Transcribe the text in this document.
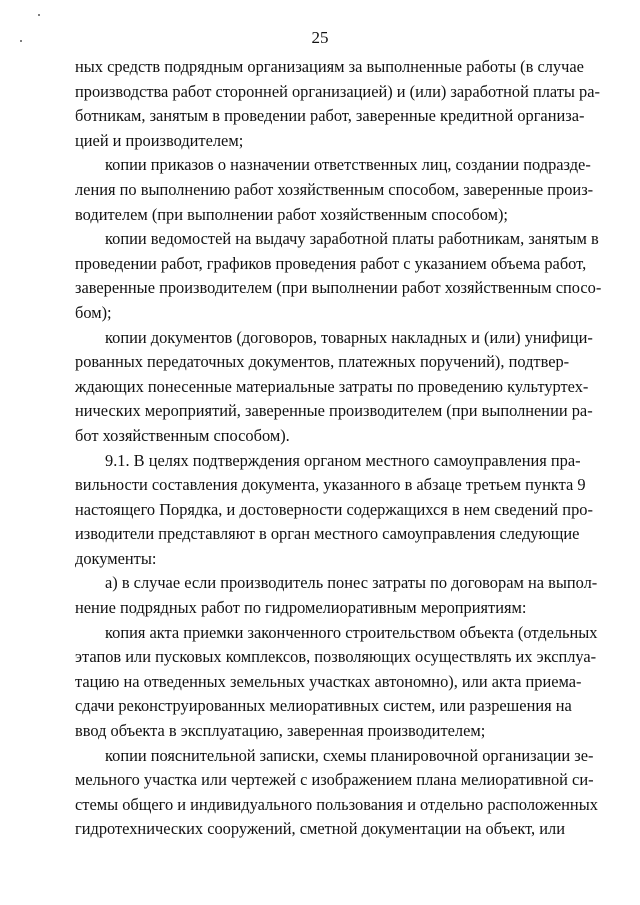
25
ных средств подрядным организациям за выполненные работы (в случае
производства работ сторонней организацией) и (или) заработной платы ра-
ботникам, занятым в проведении работ, заверенные кредитной организа-
цией и производителем;
копии приказов о назначении ответственных лиц, создании подразде-
ления по выполнению работ хозяйственным способом, заверенные произ-
водителем (при выполнении работ хозяйственным способом);
копии ведомостей на выдачу заработной платы работникам, занятым в
проведении работ, графиков проведения работ с указанием объема работ,
заверенные производителем (при выполнении работ хозяйственным спосо-
бом);
копии документов (договоров, товарных накладных и (или) унифици-
рованных передаточных документов, платежных поручений), подтвер-
ждающих понесенные материальные затраты по проведению культуртех-
нических мероприятий, заверенные производителем (при выполнении ра-
бот хозяйственным способом).
9.1. В целях подтверждения органом местного самоуправления пра-
вильности составления документа, указанного в абзаце третьем пункта 9
настоящего Порядка, и достоверности содержащихся в нем сведений про-
изводители представляют в орган местного самоуправления следующие
документы:
а) в случае если производитель понес затраты по договорам на выпол-
нение подрядных работ по гидромелиоративным мероприятиям:
копия акта приемки законченного строительством объекта (отдельных
этапов или пусковых комплексов, позволяющих осуществлять их эксплуа-
тацию на отведенных земельных участках автономно), или акта приема-
сдачи реконструированных мелиоративных систем, или разрешения на
ввод объекта в эксплуатацию, заверенная производителем;
копии пояснительной записки, схемы планировочной организации зе-
мельного участка или чертежей с изображением плана мелиоративной си-
стемы общего и индивидуального пользования и отдельно расположенных
гидротехнических сооружений, сметной документации на объект, или
